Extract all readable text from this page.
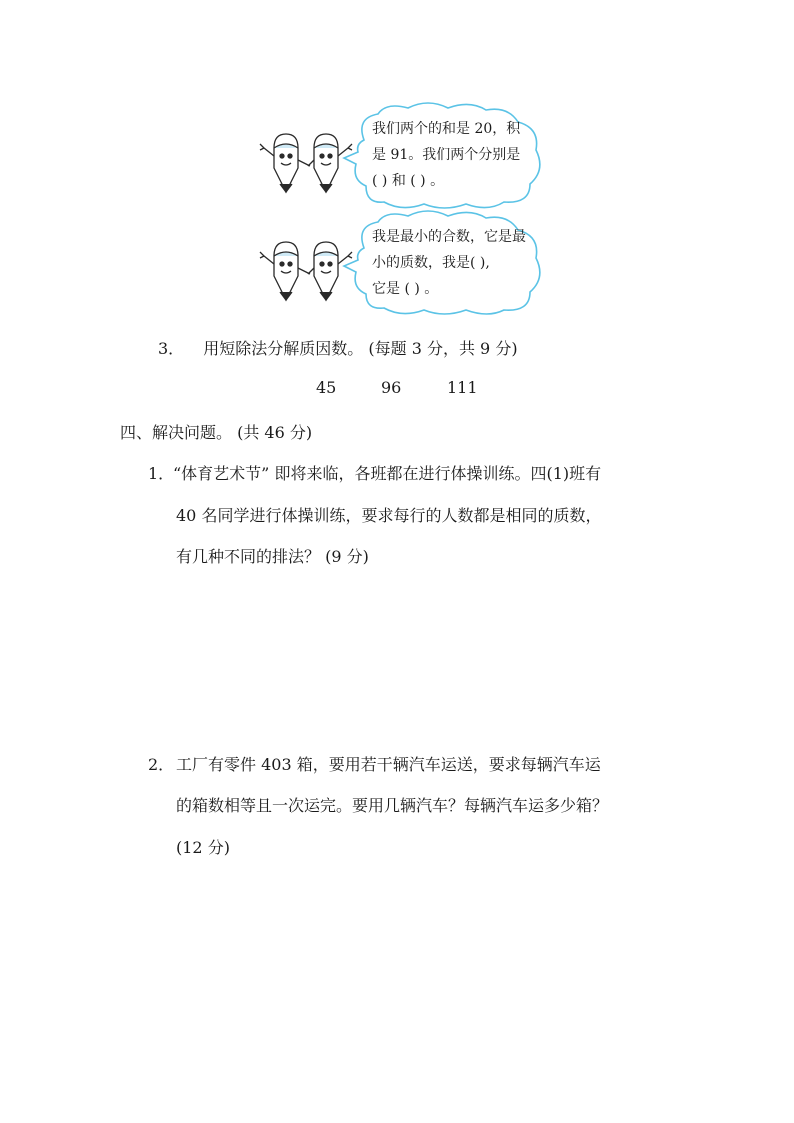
我们两个的和是 20，积
是 91。我们两个分别是
( ) 和 ( ) 。
我是最小的合数，它是最
小的质数，我是( ),
它是 ( ) 。
3． 用短除法分解质因数。 (每题 3 分，共 9 分)
45	96	111
四、解决问题。 (共 46 分)
1．
“体育艺术节” 即将来临，各班都在进行体操训练。四(1)班有
40 名同学进行体操训练，要求每行的人数都是相同的质数，
有几种不同的排法？ (9 分)
2． 工厂有零件 403 箱，要用若干辆汽车运送，要求每辆汽车运
的箱数相等且一次运完。要用几辆汽车？每辆汽车运多少箱？
(12 分)
